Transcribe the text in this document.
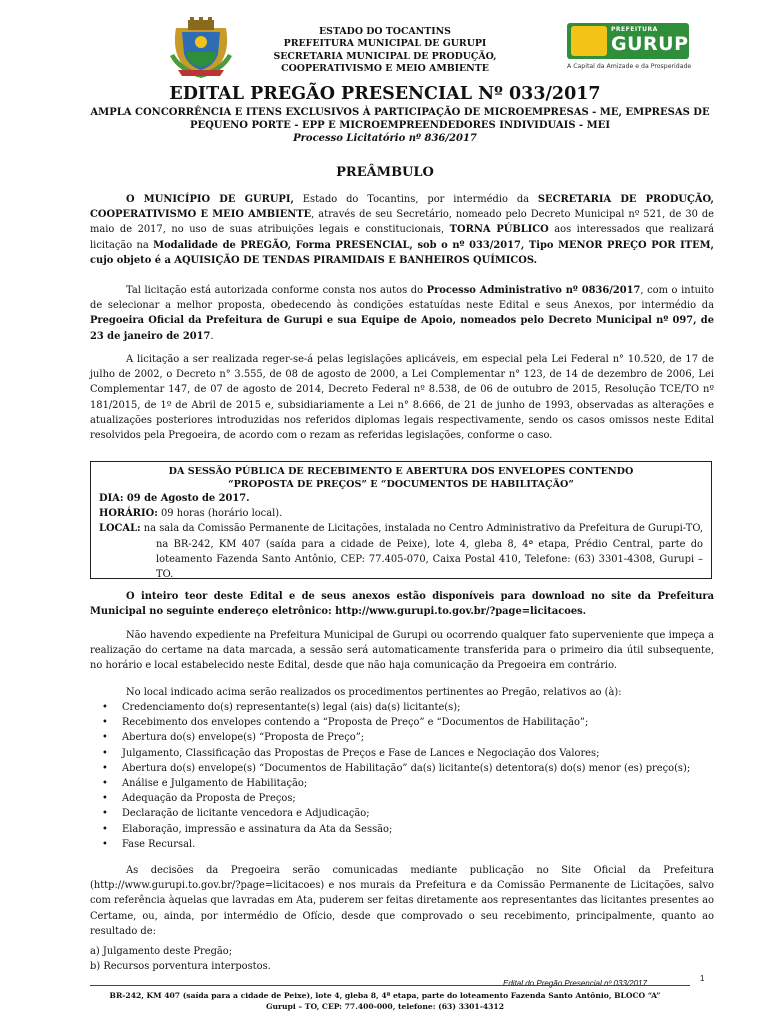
ESTADO DO TOCANTINS
PREFEITURA MUNICIPAL DE GURUPI
SECRETARIA MUNICIPAL DE PRODUÇÃO,
COOPERATIVISMO E MEIO AMBIENTE
PREFEITURA
GURUPI
A Capital da Amizade e da Prosperidade
EDITAL PREGÃO PRESENCIAL Nº 033/2017
AMPLA CONCORRÊNCIA E ITENS EXCLUSIVOS À PARTICIPAÇÃO DE MICROEMPRESAS - ME, EMPRESAS DE PEQUENO PORTE - EPP E MICROEMPREENDEDORES INDIVIDUAIS - MEI
Processo Licitatório nº 836/2017
PREÂMBULO
O MUNICÍPIO DE GURUPI, Estado do Tocantins, por intermédio da SECRETARIA DE PRODUÇÃO, COOPERATIVISMO E MEIO AMBIENTE, através de seu Secretário, nomeado pelo Decreto Municipal nº 521, de 30 de maio de 2017, no uso de suas atribuições legais e constitucionais, TORNA PÚBLICO aos interessados que realizará licitação na Modalidade de PREGÃO, Forma PRESENCIAL, sob o nº 033/2017, Tipo MENOR PREÇO POR ITEM, cujo objeto é a AQUISIÇÃO DE TENDAS PIRAMIDAIS E BANHEIROS QUÍMICOS.
Tal licitação está autorizada conforme consta nos autos do Processo Administrativo nº 0836/2017, com o intuito de selecionar a melhor proposta, obedecendo às condições estatuídas neste Edital e seus Anexos, por intermédio da Pregoeira Oficial da Prefeitura de Gurupi e sua Equipe de Apoio, nomeados pelo Decreto Municipal nº 097, de 23 de janeiro de 2017.
A licitação a ser realizada reger-se-á pelas legislações aplicáveis, em especial pela Lei Federal n° 10.520, de 17 de julho de 2002, o Decreto n° 3.555, de 08 de agosto de 2000, a Lei Complementar n° 123, de 14 de dezembro de 2006, Lei Complementar 147, de 07 de agosto de 2014, Decreto Federal nº 8.538, de 06 de outubro de 2015, Resolução TCE/TO nº 181/2015, de 1º de Abril de 2015 e, subsidiariamente a Lei n° 8.666, de 21 de junho de 1993, observadas as alterações e atualizações posteriores introduzidas nos referidos diplomas legais respectivamente, sendo os casos omissos neste Edital resolvidos pela Pregoeira, de acordo com o rezam as referidas legislações, conforme o caso.
DA SESSÃO PÚBLICA DE RECEBIMENTO E ABERTURA DOS ENVELOPES CONTENDO
“PROPOSTA DE PREÇOS” E “DOCUMENTOS DE HABILITAÇÃO”
DIA: 09 de Agosto de 2017.
HORÁRIO: 09 horas (horário local).
LOCAL: na sala da Comissão Permanente de Licitações, instalada no Centro Administrativo da Prefeitura de Gurupi-TO, na BR-242, KM 407 (saída para a cidade de Peixe), lote 4, gleba 8, 4ª etapa, Prédio Central, parte do loteamento Fazenda Santo Antônio, CEP: 77.405-070, Caixa Postal 410, Telefone: (63) 3301-4308, Gurupi – TO.
O inteiro teor deste Edital e de seus anexos estão disponíveis para download no site da Prefeitura Municipal no seguinte endereço eletrônico: http://www.gurupi.to.gov.br/?page=licitacoes.
Não havendo expediente na Prefeitura Municipal de Gurupi ou ocorrendo qualquer fato superveniente que impeça a realização do certame na data marcada, a sessão será automaticamente transferida para o primeiro dia útil subsequente, no horário e local estabelecido neste Edital, desde que não haja comunicação da Pregoeira em contrário.
No local indicado acima serão realizados os procedimentos pertinentes ao Pregão, relativos ao (à):
• Credenciamento do(s) representante(s) legal (ais) da(s) licitante(s);
• Recebimento dos envelopes contendo a “Proposta de Preço” e “Documentos de Habilitação”;
• Abertura do(s) envelope(s) “Proposta de Preço”;
• Julgamento, Classificação das Propostas de Preços e Fase de Lances e Negociação dos Valores;
• Abertura do(s) envelope(s) “Documentos de Habilitação” da(s) licitante(s) detentora(s) do(s) menor (es) preço(s);
• Análise e Julgamento de Habilitação;
• Adequação da Proposta de Preços;
• Declaração de licitante vencedora e Adjudicação;
• Elaboração, impressão e assinatura da Ata da Sessão;
• Fase Recursal.
As decisões da Pregoeira serão comunicadas mediante publicação no Site Oficial da Prefeitura (http://www.gurupi.to.gov.br/?page=licitacoes) e nos murais da Prefeitura e da Comissão Permanente de Licitações, salvo com referência àquelas que lavradas em Ata, puderem ser feitas diretamente aos representantes das licitantes presentes ao Certame, ou, ainda, por intermédio de Ofício, desde que comprovado o seu recebimento, principalmente, quanto ao resultado de:
a) Julgamento deste Pregão;
b) Recursos porventura interpostos.
Edital do Pregão Presencial nº 033/2017
1
BR-242, KM 407 (saída para a cidade de Peixe), lote 4, gleba 8, 4ª etapa, parte do loteamento Fazenda Santo Antônio, BLOCO “A”
Gurupi – TO, CEP: 77.400-000, telefone: (63) 3301-4312
